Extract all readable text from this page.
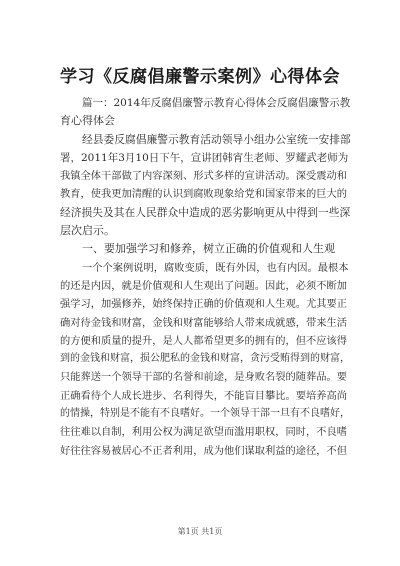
学习《反腐倡廉警示案例》心得体会
篇一：2014年反腐倡廉警示教育心得体会反腐倡廉警示教
育心得体会
经县委反腐倡廉警示教育活动领导小组办公室统一安排部
署，2011年3月10日下午，宣讲团韩宵生老师、罗耀武老师为
我镇全体干部做了内容深刻、形式多样的宣讲活动。深受震动和
教育，使我更加清醒的认识到腐败现象给党和国家带来的巨大的
经济损失及其在人民群众中造成的恶劣影响更从中得到一些深
层次启示。
一、要加强学习和修养，树立正确的价值观和人生观
一个个案例说明，腐败变质，既有外因，也有内因。最根本
的还是内因，就是价值观和人生观出了问题。因此，必须不断加
强学习，加强修养，始终保持正确的价值观和人生观。尤其要正
确对待金钱和财富，金钱和财富能够给人带来成就感，带来生活
的方便和质量的提升，是人人都希望更多的拥有的，但不应该得
到的金钱和财富，损公肥私的金钱和财富，贪污受贿得到的财富，
只能葬送一个领导干部的名誉和前途，是身败名裂的随葬品。要
正确看待个人成长进步、名利得失，不能盲目攀比。要培养高尚
的情操，特别是不能有不良嗜好。一个领导干部一旦有不良嗜好，
往往难以自制，利用公权为满足欲望而滥用职权，同时，不良嗜
好往往容易被居心不正者利用，成为他们谋取利益的途径，不但
第1页 共1页
